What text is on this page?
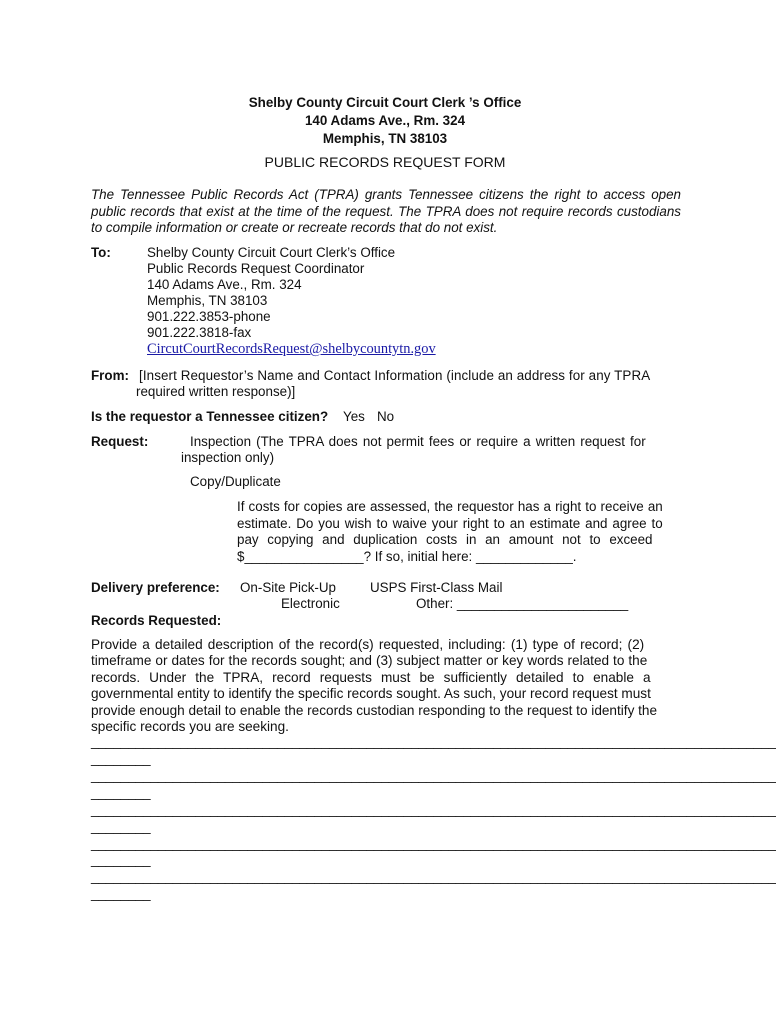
Shelby County Circuit Court Clerk ’s Office
140 Adams Ave., Rm. 324
Memphis, TN 38103
PUBLIC RECORDS REQUEST FORM
The Tennessee Public Records Act (TPRA) grants Tennessee citizens the right to access open public records that exist at the time of the request. The TPRA does not require records custodians to compile information or create or recreate records that do not exist.
To:	Shelby County Circuit Court Clerk’s Office
Public Records Request Coordinator
140 Adams Ave., Rm. 324
Memphis, TN 38103
901.222.3853-phone
901.222.3818-fax
CircutCourtRecordsRequest@shelbycountytn.gov
From: [Insert Requestor’s Name and Contact Information (include an address for any TPRA
required written response)]
Is the requestor a Tennessee citizen? Yes No
Request:	Inspection (The TPRA does not permit fees or require a written request for
inspection only)
Copy/Duplicate
If costs for copies are assessed, the requestor has a right to receive an
estimate. Do you wish to waive your right to an estimate and agree to
pay copying and duplication costs in an amount not to exceed
$________________? If so, initial here: _____________.
Delivery preference: On-Site Pick-Up	USPS First-Class Mail
Electronic	Other: _______________________
Records Requested:
Provide a detailed description of the record(s) requested, including: (1) type of record; (2)
timeframe or dates for the records sought; and (3) subject matter or key words related to the
records. Under the TPRA, record requests must be sufficiently detailed to enable a
governmental entity to identify the specific records sought. As such, your record request must
provide enough detail to enable the records custodian responding to the request to identify the
specific records you are seeking.
____________________________________________________________________________________________
________
____________________________________________________________________________________________
________
____________________________________________________________________________________________
________
____________________________________________________________________________________________
________
____________________________________________________________________________________________
________
